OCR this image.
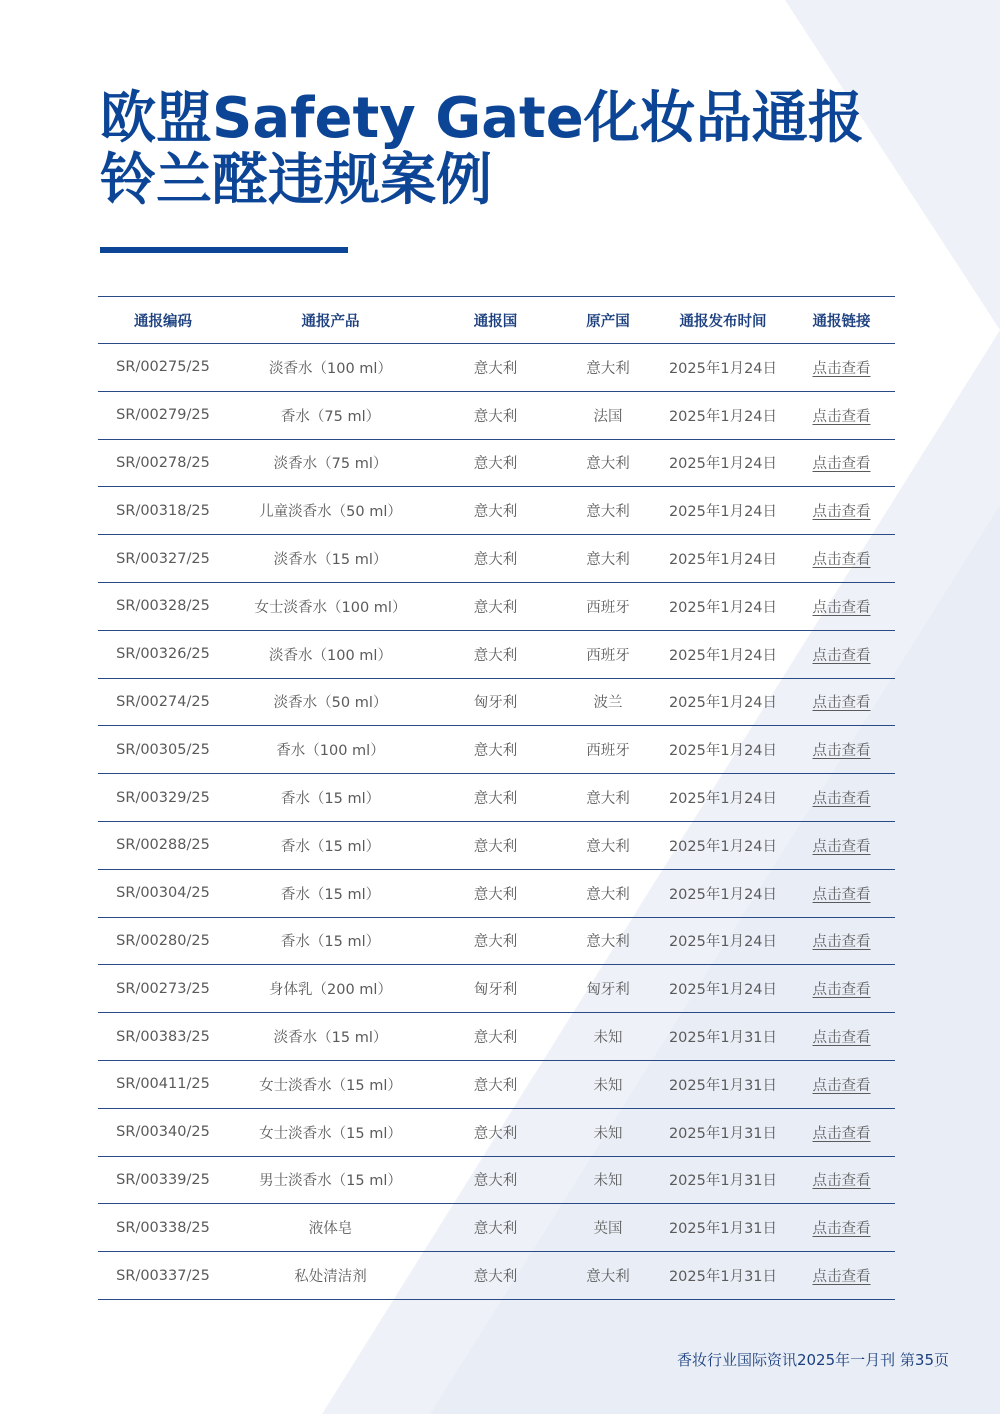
欧盟Safety Gate化妆品通报
铃兰醛违规案例
通报编码	通报产品	通报国	原产国	通报发布时间	通报链接
SR/00275/25	淡香水（100 ml）	意大利	意大利	2025年1月24日	点击查看
SR/00279/25	香水（75 ml）	意大利	法国	2025年1月24日	点击查看
SR/00278/25	淡香水（75 ml）	意大利	意大利	2025年1月24日	点击查看
SR/00318/25	儿童淡香水（50 ml）	意大利	意大利	2025年1月24日	点击查看
SR/00327/25	淡香水（15 ml）	意大利	意大利	2025年1月24日	点击查看
SR/00328/25	女士淡香水（100 ml）	意大利	西班牙	2025年1月24日	点击查看
SR/00326/25	淡香水（100 ml）	意大利	西班牙	2025年1月24日	点击查看
SR/00274/25	淡香水（50 ml）	匈牙利	波兰	2025年1月24日	点击查看
SR/00305/25	香水（100 ml）	意大利	西班牙	2025年1月24日	点击查看
SR/00329/25	香水（15 ml）	意大利	意大利	2025年1月24日	点击查看
SR/00288/25	香水（15 ml）	意大利	意大利	2025年1月24日	点击查看
SR/00304/25	香水（15 ml）	意大利	意大利	2025年1月24日	点击查看
SR/00280/25	香水（15 ml）	意大利	意大利	2025年1月24日	点击查看
SR/00273/25	身体乳（200 ml）	匈牙利	匈牙利	2025年1月24日	点击查看
SR/00383/25	淡香水（15 ml）	意大利	未知	2025年1月31日	点击查看
SR/00411/25	女士淡香水（15 ml）	意大利	未知	2025年1月31日	点击查看
SR/00340/25	女士淡香水（15 ml）	意大利	未知	2025年1月31日	点击查看
SR/00339/25	男士淡香水（15 ml）	意大利	未知	2025年1月31日	点击查看
SR/00338/25	液体皂	意大利	英国	2025年1月31日	点击查看
SR/00337/25	私处清洁剂	意大利	意大利	2025年1月31日	点击查看
香妆行业国际资讯2025年一月刊 第35页
